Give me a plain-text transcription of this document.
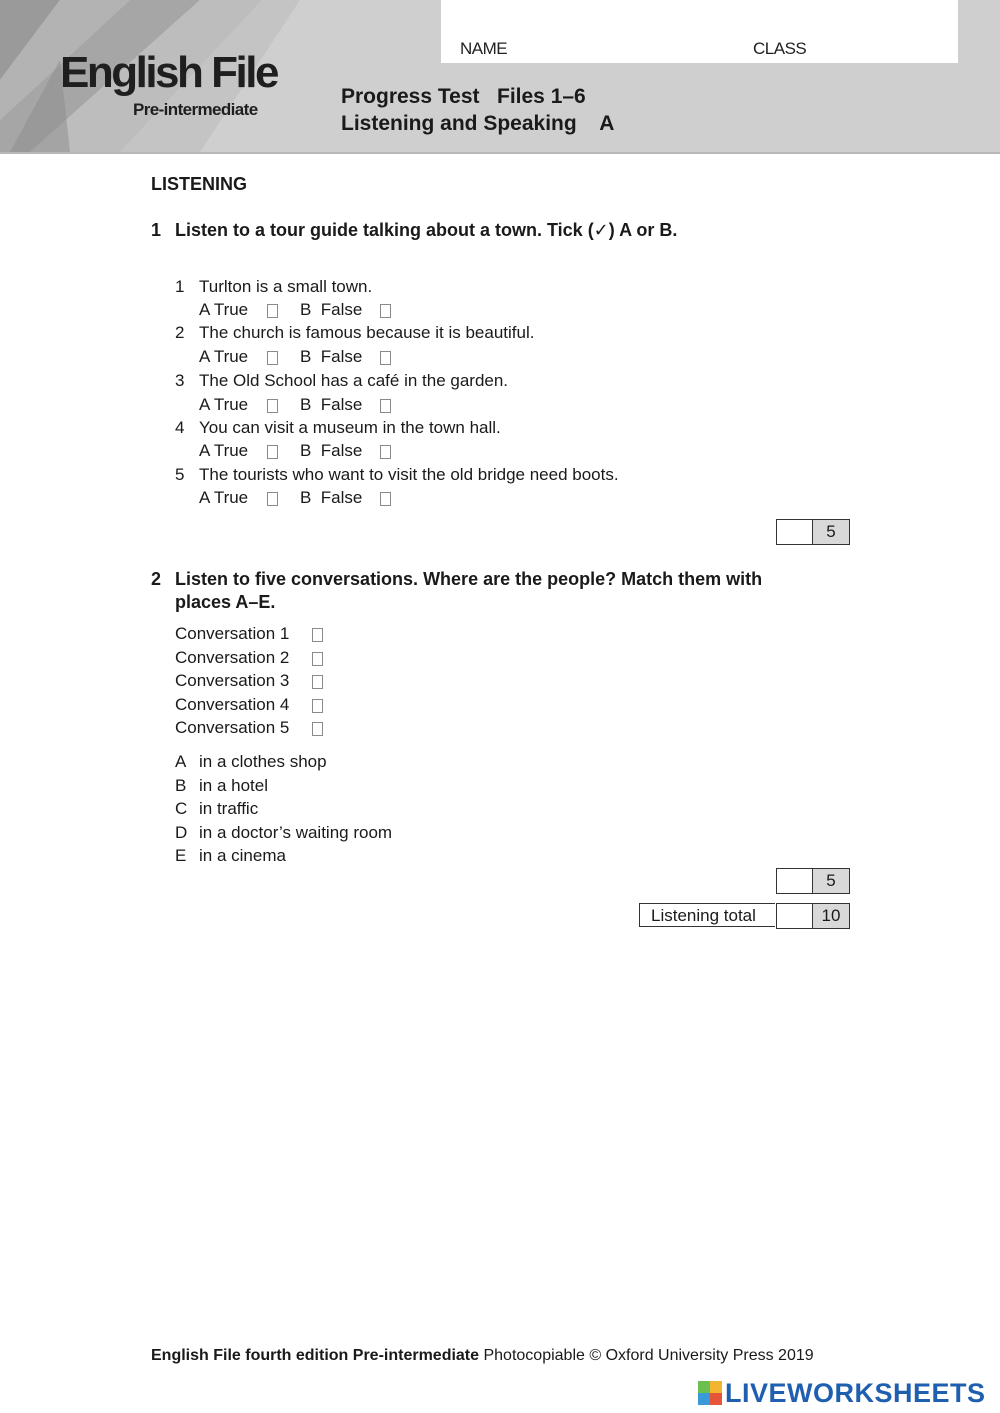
English File
Pre-intermediate
NAME	CLASS
Progress Test   Files 1–6
Listening and Speaking    A
LISTENING
1 Listen to a tour guide talking about a town. Tick (✓) A or B.
1 Turlton is a small town.
A True	B  False
2 The church is famous because it is beautiful.
A True	B  False
3 The Old School has a café in the garden.
A True	B  False
4 You can visit a museum in the town hall.
A True	B  False
5 The tourists who want to visit the old bridge need boots.
A True	B  False
5
2 Listen to five conversations. Where are the people? Match them with
places A–E.
Conversation 1
Conversation 2
Conversation 3
Conversation 4
Conversation 5
A in a clothes shop
B in a hotel
C in traffic
D in a doctor’s waiting room
E in a cinema
5
Listening total	10
English File fourth edition Pre-intermediate Photocopiable © Oxford University Press 2019
LIVEWORKSHEETS
